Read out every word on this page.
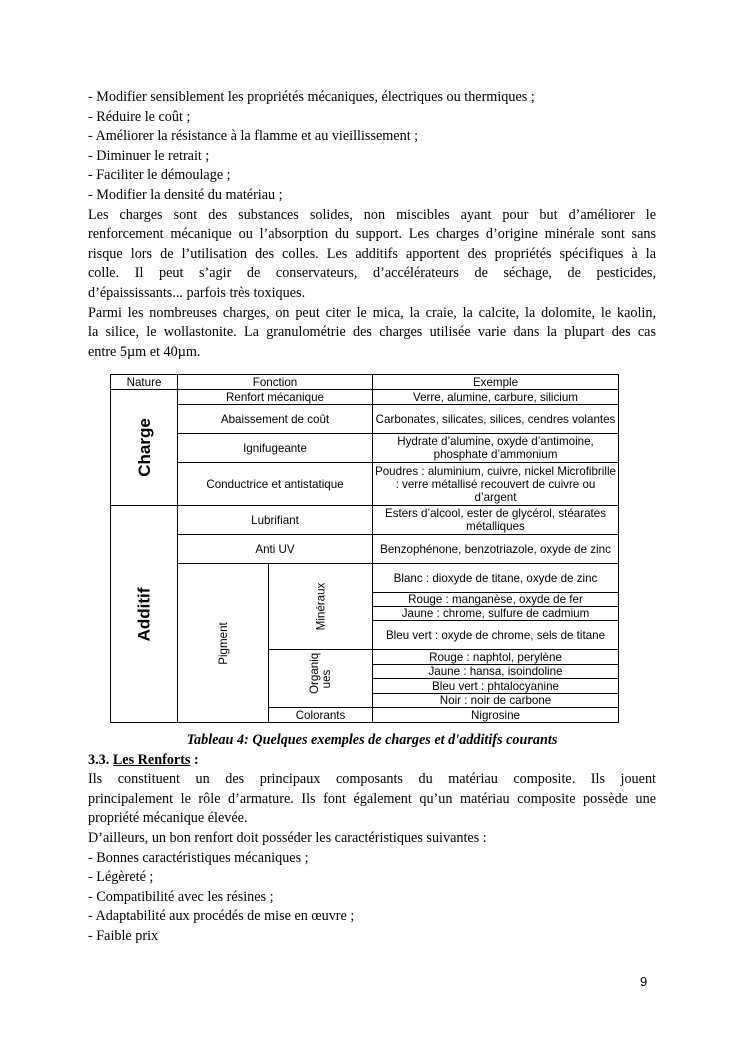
- Modifier sensiblement les propriétés mécaniques, électriques ou thermiques ;
- Réduire le coût ;
- Améliorer la résistance à la flamme et au vieillissement ;
- Diminuer le retrait ;
- Faciliter le démoulage ;
- Modifier la densité du matériau ;

Les charges sont des substances solides, non miscibles ayant pour but d’améliorer le

renforcement mécanique ou l’absorption du support. Les charges d’origine minérale sont sans

risque lors de l’utilisation des colles. Les additifs apportent des propriétés spécifiques à la

colle. Il peut s’agir de conservateurs, d’accélérateurs de séchage, de pesticides,

d’épaississants... parfois très toxiques.

Parmi les nombreuses charges, on peut citer le mica, la craie, la calcite, la dolomite, le kaolin,

la silice, le wollastonite. La granulométrie des charges utilisée varie dans la plupart des cas

entre 5µm et 40µm.

Nature	Fonction		Exemple
Charge	Renfort mécanique		Verre, alumine, carbure, silicium
	Abaissement de coût		Carbonates, silicates, silices, cendres volantes
	Ignifugeante		Hydrate d’alumine, oxyde d’antimoine, phosphate d’ammonium
	Conductrice et antistatique		Poudres : aluminium, cuivre, nickel Microfibrille : verre métallisé recouvert de cuivre ou d’argent
Additif	Lubrifiant		Esters d’alcool, ester de glycérol, stéarates métalliques
	Anti UV		Benzophénone, benzotriazole, oxyde de zinc
	Pigment	Minéraux	Blanc : dioxyde de titane, oxyde de zinc
			Rouge : manganèse, oxyde de fer
			Jaune : chrome, sulfure de cadmium
			Bleu vert : oxyde de chrome, sels de titane
		Organiq ues	Rouge : naphtol, perylène
			Jaune : hansa, isoindoline
			Bleu vert : phtalocyanine
			Noir : noir de carbone
		Colorants	Nigrosine
Tableau 4: Quelques exemples de charges et d'additifs courants
3.3. Les Renforts :

Ils constituent un des principaux composants du matériau composite. Ils jouent

principalement le rôle d’armature. Ils font également qu’un matériau composite possède une

propriété mécanique élevée.

D’ailleurs, un bon renfort doit posséder les caractéristiques suivantes :
- Bonnes caractéristiques mécaniques ;
- Légèreté ;
- Compatibilité avec les résines ;
- Adaptabilité aux procédés de mise en œuvre ;
- Faible prix
9
